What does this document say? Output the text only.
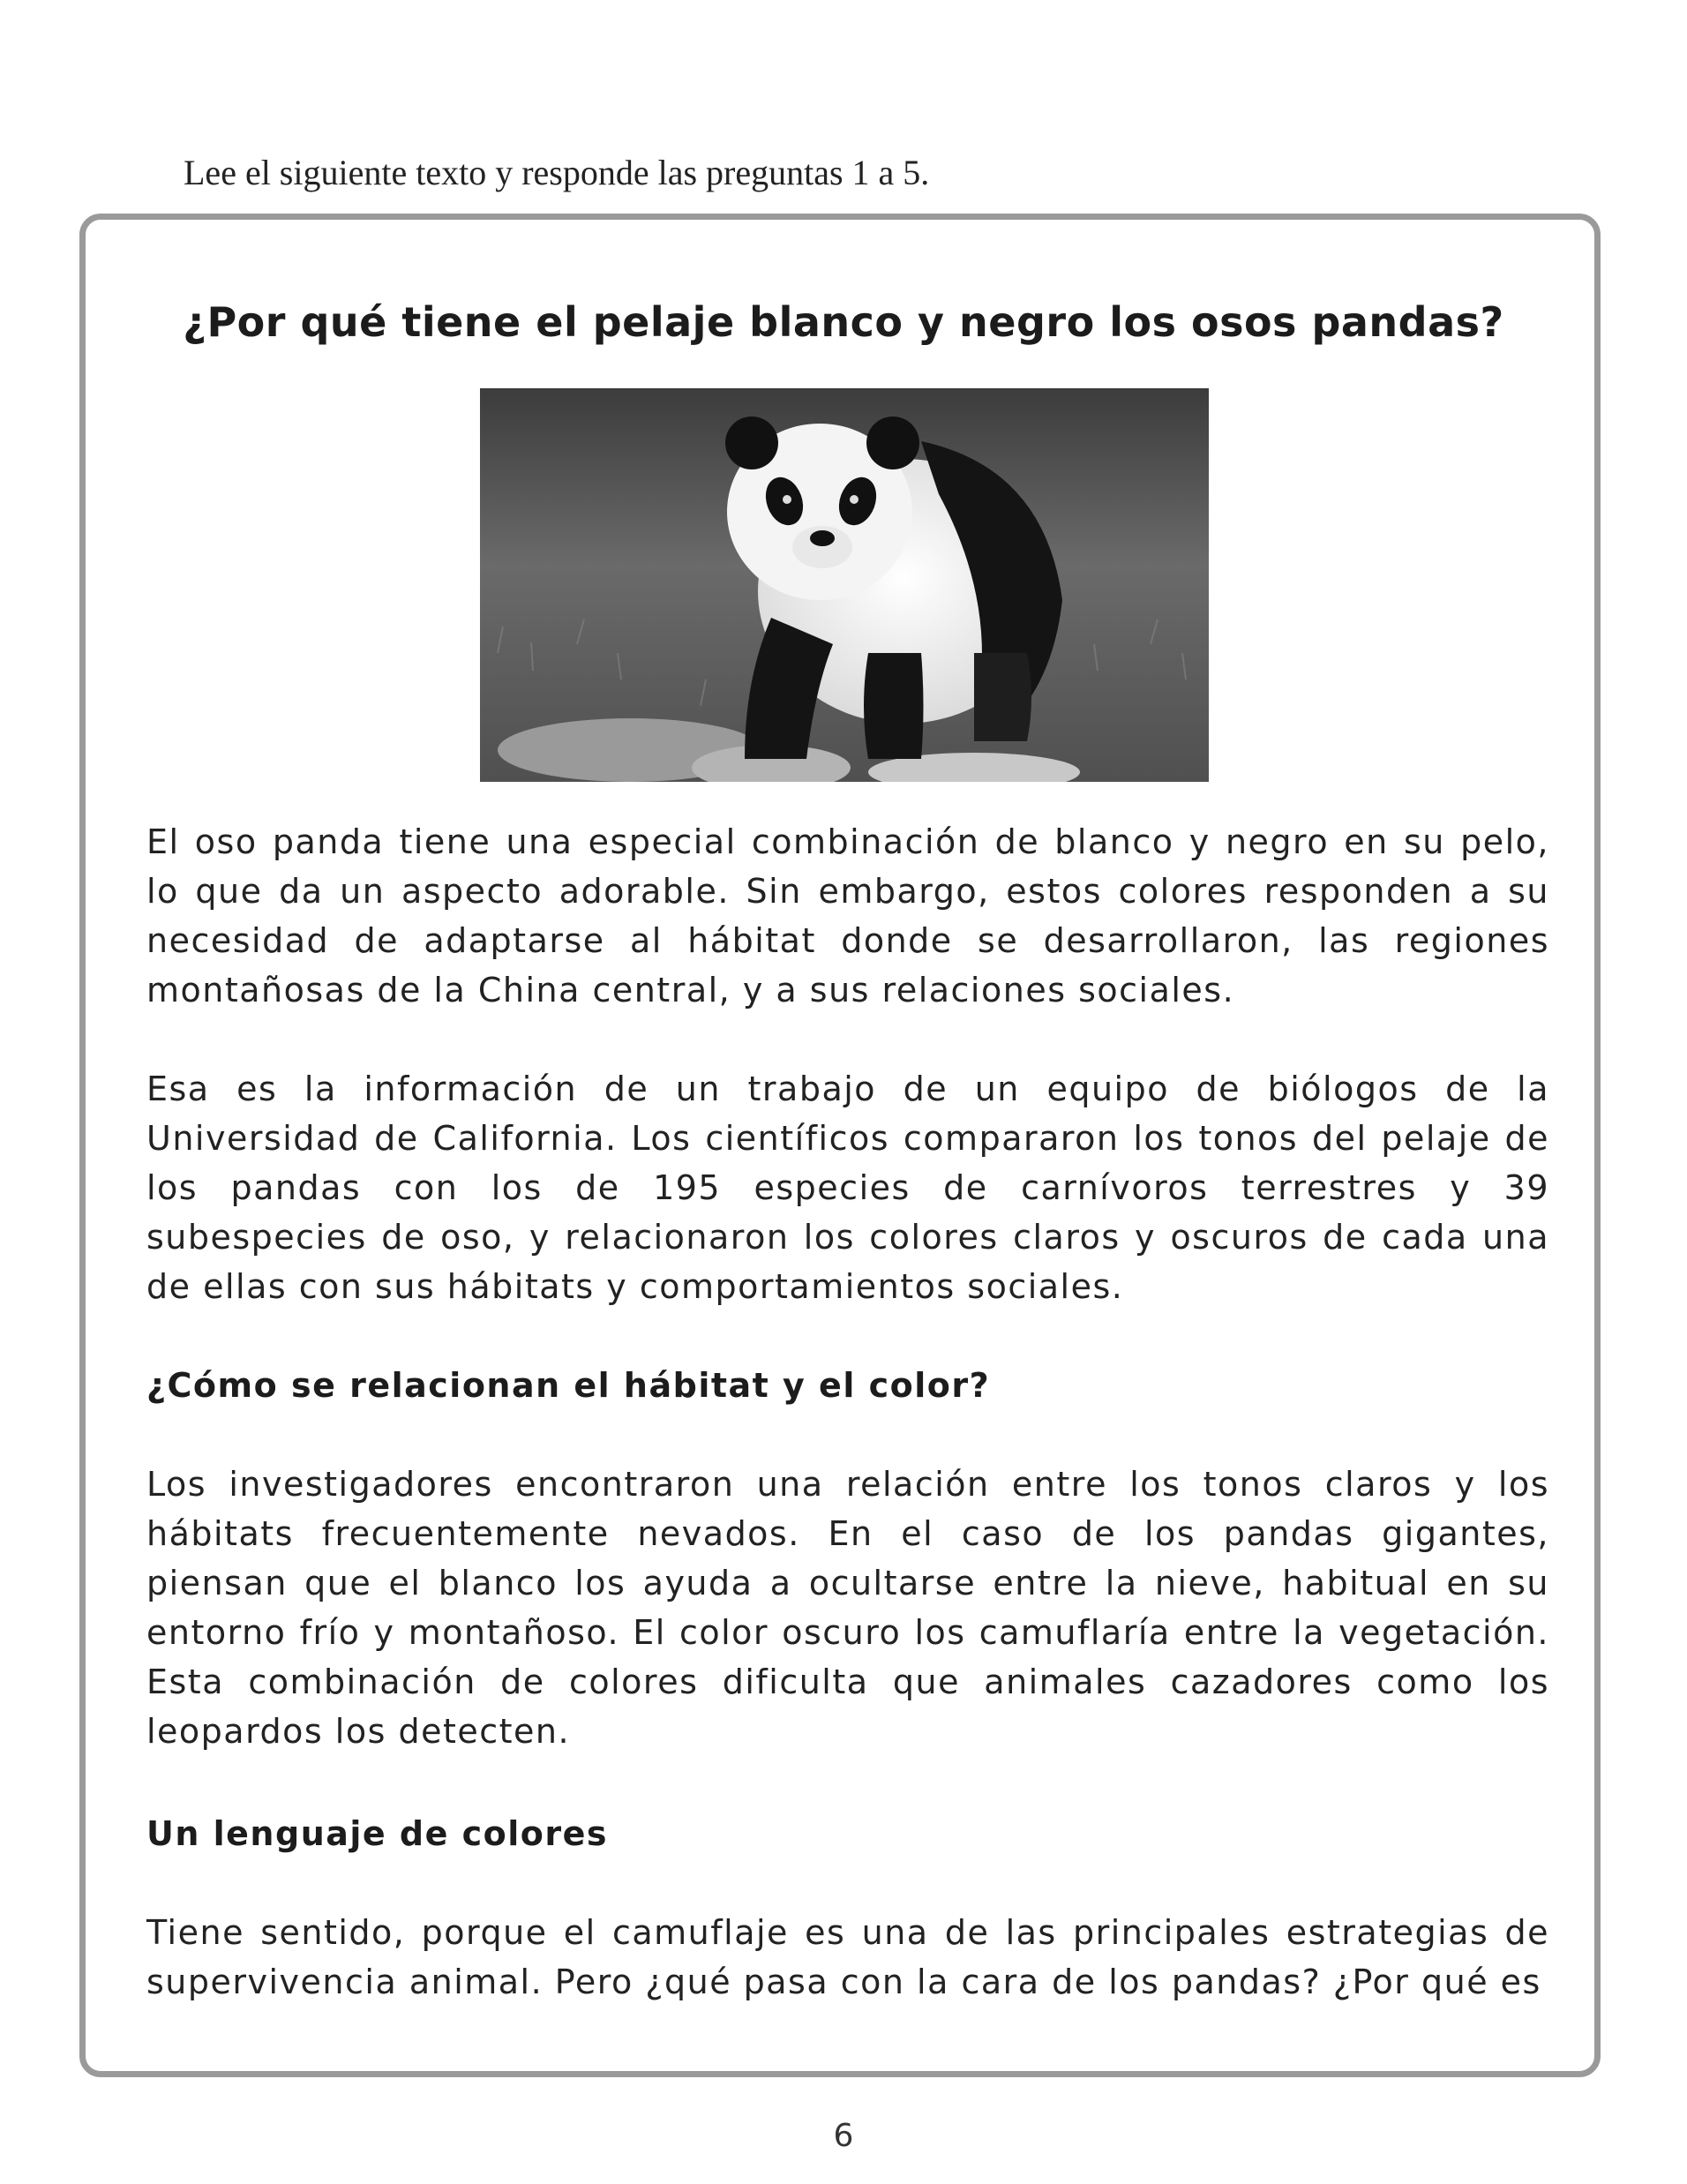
Lee el siguiente texto y responde las preguntas 1 a 5.
¿Por qué tiene el pelaje blanco y negro los osos pandas?
El oso panda tiene una especial combinación de blanco y negro en su pelo, lo que da un aspecto adorable. Sin embargo, estos colores responden a su necesidad de adaptarse al hábitat donde se desarrollaron, las regiones montañosas de la China central, y a sus relaciones sociales.
Esa es la información de un trabajo de un equipo de biólogos de la Universidad de California. Los científicos compararon los tonos del pelaje de los pandas con los de 195 especies de carnívoros terrestres y 39 subespecies de oso, y relacionaron los colores claros y oscuros de cada una de ellas con sus hábitats y comportamientos sociales.
¿Cómo se relacionan el hábitat y el color?
Los investigadores encontraron una relación entre los tonos claros y los hábitats frecuentemente nevados. En el caso de los pandas gigantes, piensan que el blanco los ayuda a ocultarse entre la nieve, habitual en su entorno frío y montañoso. El color oscuro los camuflaría entre la vegetación. Esta combinación de colores dificulta que animales cazadores como los leopardos los detecten.
Un lenguaje de colores
Tiene sentido, porque el camuflaje es una de las principales estrategias de supervivencia animal. Pero ¿qué pasa con la cara de los pandas? ¿Por qué es
6
